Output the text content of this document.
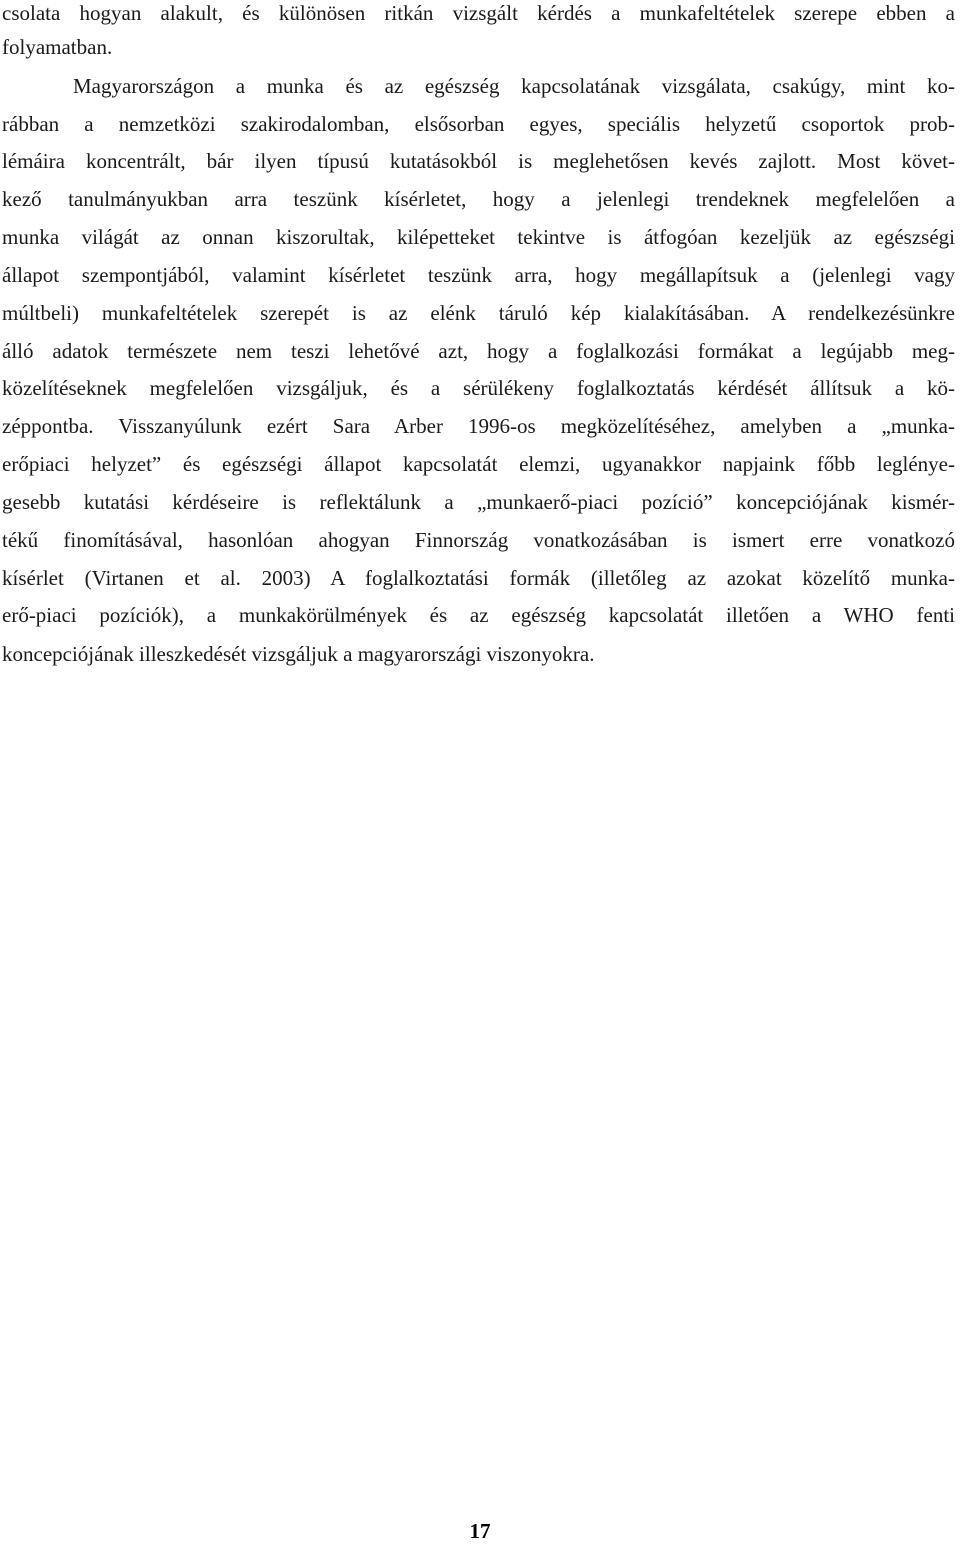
csolata hogyan alakult, és különösen ritkán vizsgált kérdés a munkafeltételek szerepe ebben a
folyamatban.
Magyarországon a munka és az egészség kapcsolatának vizsgálata, csakúgy, mint ko-
rábban a nemzetközi szakirodalomban, elsősorban egyes, speciális helyzetű csoportok prob-
lémáira koncentrált, bár ilyen típusú kutatásokból is meglehetősen kevés zajlott. Most követ-
kező tanulmányukban arra teszünk kísérletet, hogy a jelenlegi trendeknek megfelelően a
munka világát az onnan kiszorultak, kilépetteket tekintve is átfogóan kezeljük az egészségi
állapot szempontjából, valamint kísérletet teszünk arra, hogy megállapítsuk a (jelenlegi vagy
múltbeli) munkafeltételek szerepét is az elénk táruló kép kialakításában. A rendelkezésünkre
álló adatok természete nem teszi lehetővé azt, hogy a foglalkozási formákat a legújabb meg-
közelítéseknek megfelelően vizsgáljuk, és a sérülékeny foglalkoztatás kérdését állítsuk a kö-
zéppontba. Visszanyúlunk ezért Sara Arber 1996-os megközelítéséhez, amelyben a „munka-
erőpiaci helyzet” és egészségi állapot kapcsolatát elemzi, ugyanakkor napjaink főbb leglénye-
gesebb kutatási kérdéseire is reflektálunk a „munkaerő-piaci pozíció” koncepciójának kismér-
tékű finomításával, hasonlóan ahogyan Finnország vonatkozásában is ismert erre vonatkozó
kísérlet (Virtanen et al. 2003) A foglalkoztatási formák (illetőleg az azokat közelítő munka-
erő-piaci pozíciók), a munkakörülmények és az egészség kapcsolatát illetően a WHO fenti
koncepciójának illeszkedését vizsgáljuk a magyarországi viszonyokra.
17
